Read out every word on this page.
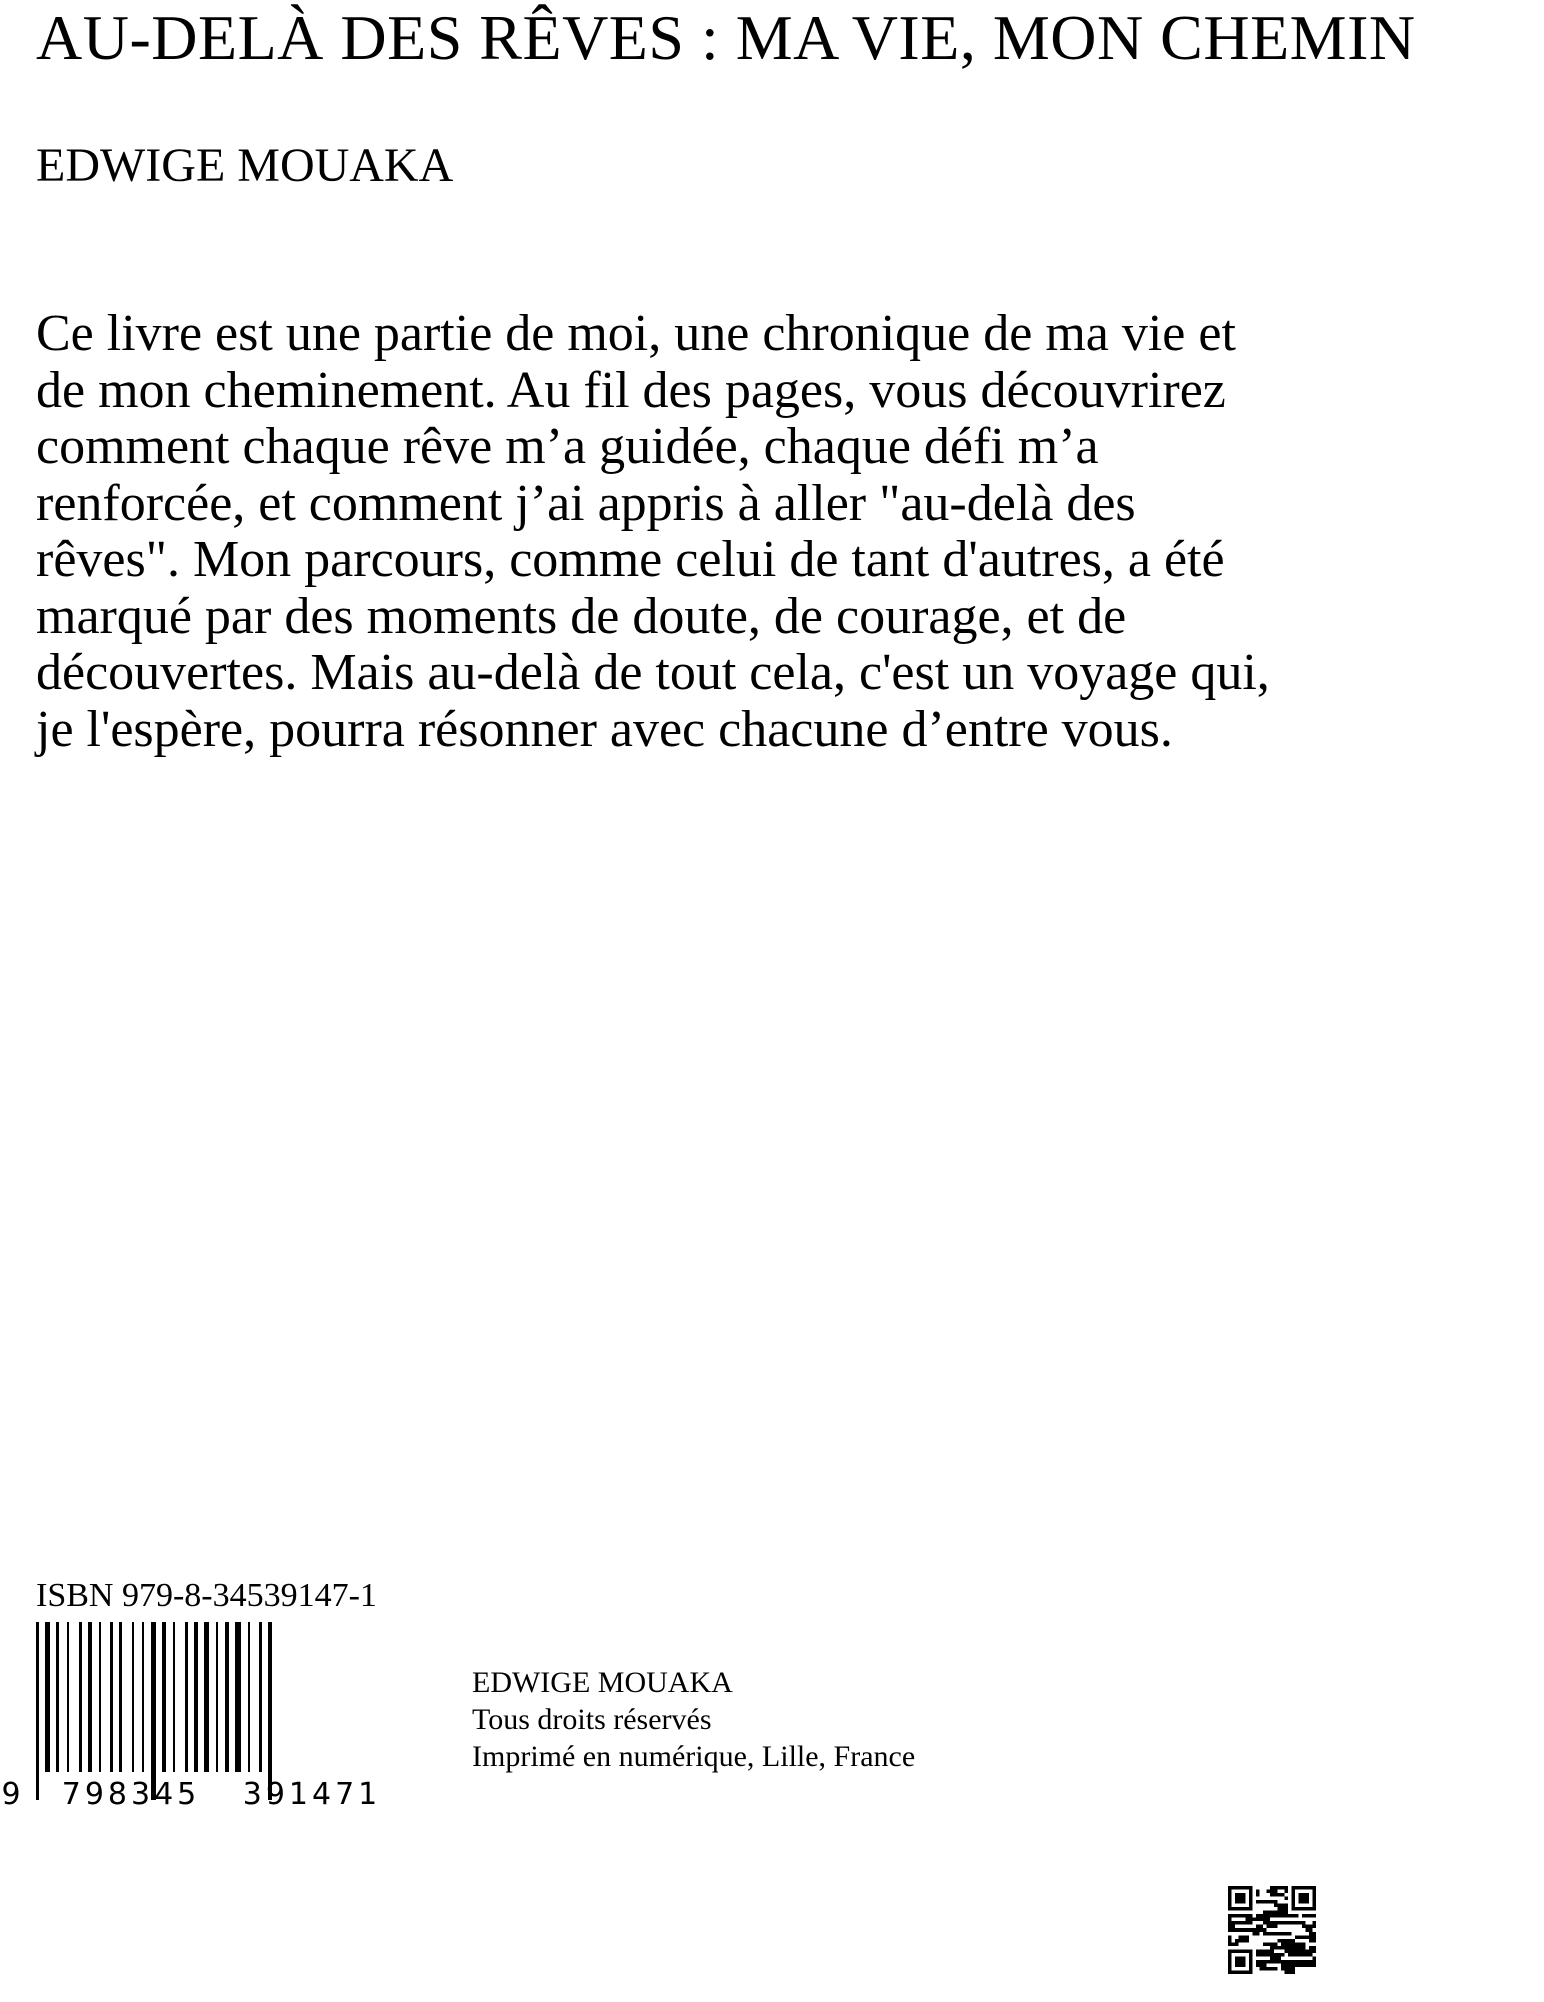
AU-DELÀ DES RÊVES : MA VIE, MON CHEMIN
EDWIGE MOUAKA

Ce livre est une partie de moi, une chronique de ma vie et de mon cheminement. Au fil des pages, vous découvrirez comment chaque rêve m’a guidée, chaque défi m’a renforcée, et comment j’ai appris à aller "au-delà des rêves". Mon parcours, comme celui de tant d'autres, a été marqué par des moments de doute, de courage, et de découvertes. Mais au-delà de tout cela, c'est un voyage qui, je l'espère, pourra résonner avec chacune d’entre vous.

ISBN 979-8-34539147-1
9 798345 391471
EDWIGE MOUAKA
Tous droits réservés
Imprimé en numérique, Lille, France
